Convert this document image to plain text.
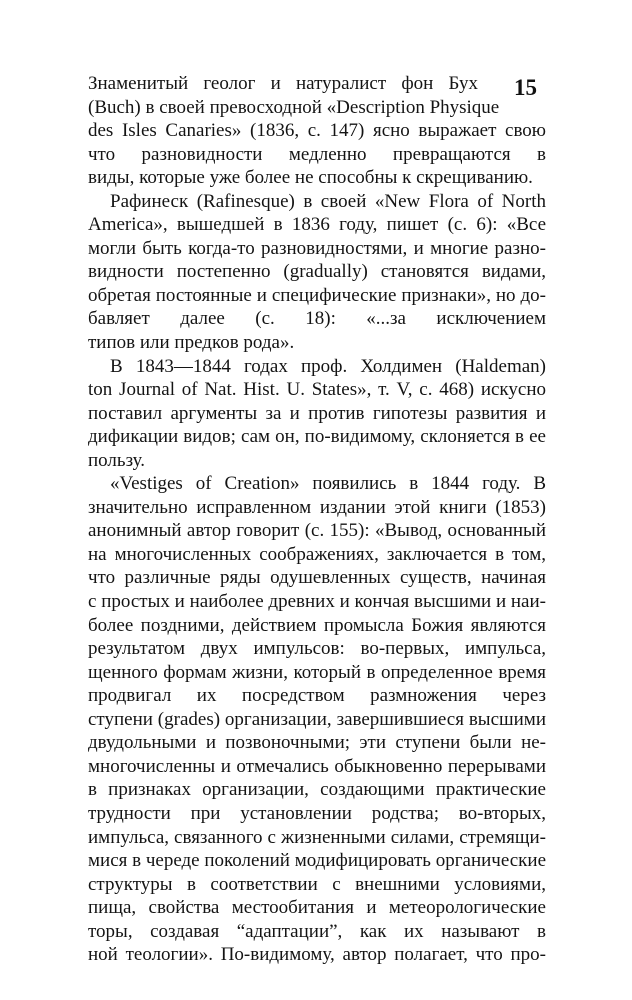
15
Знаменитый геолог и натуралист фон Бух
(Buch) в своей превосходной «Description Physique
des Isles Canaries» (1836, с. 147) ясно выражает свою
что разновидности медленно превращаются в
виды, которые уже более не способны к скрещиванию.
Рафинеск (Rafinesque) в своей «New Flora of North
America», вышедшей в 1836 году, пишет (с. 6): «Все
могли быть когда-то разновидностями, и многие разно-
видности постепенно (gradually) становятся видами,
обретая постоянные и специфические признаки», но до-
бавляет далее (с. 18): «...за исключением
типов или предков рода».
В 1843—1844 годах проф. Холдимен (Haldeman)
ton Journal of Nat. Hist. U. States», т. V, с. 468) искусно
поставил аргументы за и против гипотезы развития и
дификации видов; сам он, по-видимому, склоняется в ее
пользу.
«Vestiges of Creation» появились в 1844 году. В
значительно исправленном издании этой книги (1853)
анонимный автор говорит (с. 155): «Вывод, основанный
на многочисленных соображениях, заключается в том,
что различные ряды одушевленных существ, начиная
с простых и наиболее древних и кончая высшими и наи-
более поздними, действием промысла Божия являются
результатом двух импульсов: во-первых, импульса,
щенного формам жизни, который в определенное время
продвигал их посредством размножения через
ступени (grades) организации, завершившиеся высшими
двудольными и позвоночными; эти ступени были не-
многочисленны и отмечались обыкновенно перерывами
в признаках организации, создающими практические
трудности при установлении родства; во-вторых,
импульса, связанного с жизненными силами, стремящи-
мися в череде поколений модифицировать органические
структуры в соответствии с внешними условиями,
пища, свойства местообитания и метеорологические
торы, создавая “адаптации”, как их называют в
ной теологии». По-видимому, автор полагает, что про-
